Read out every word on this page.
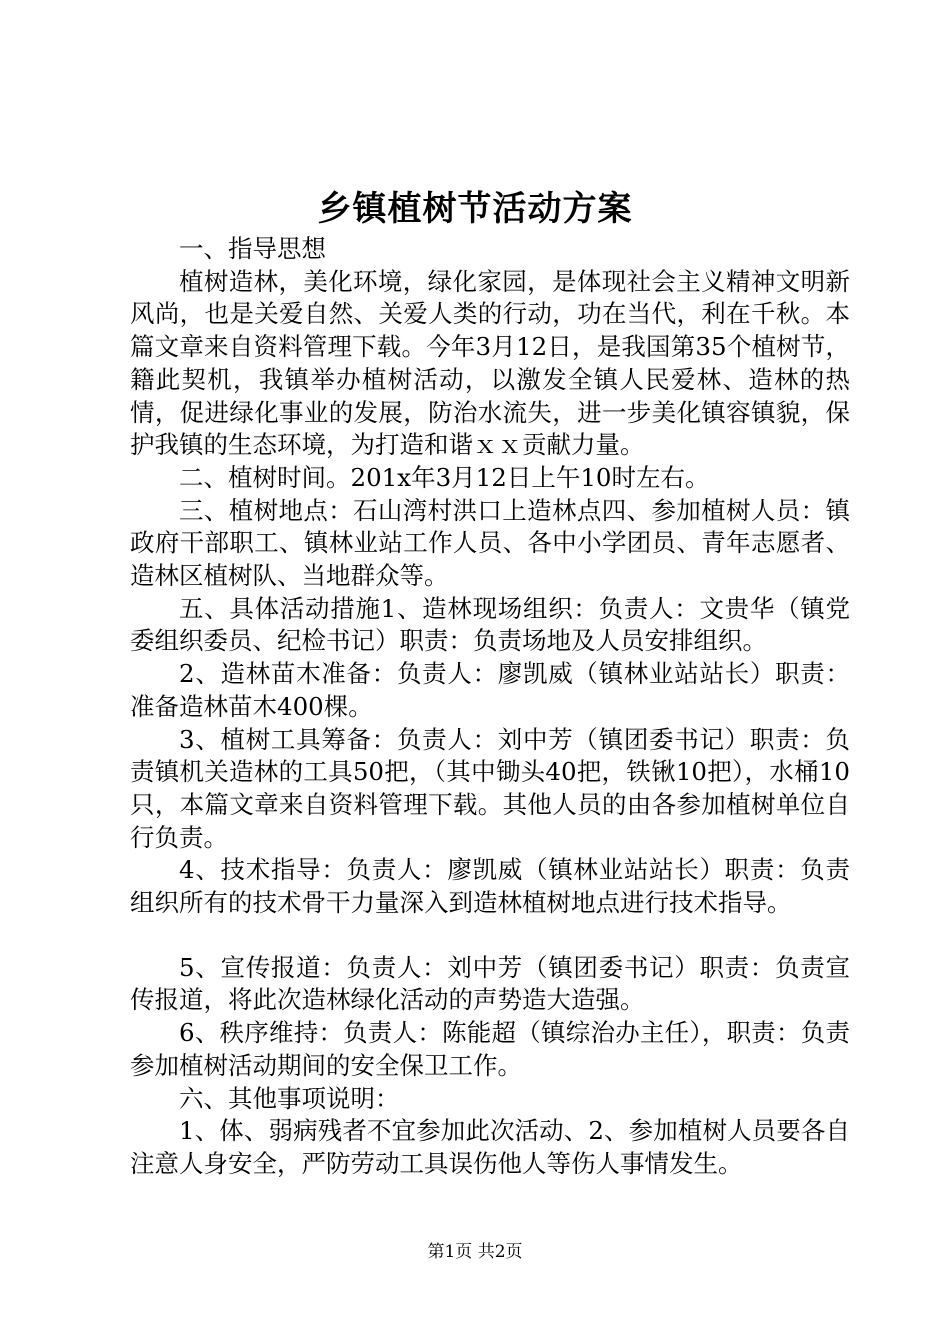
乡镇植树节活动方案

一、指导思想

植树造林，美化环境，绿化家园，是体现社会主义精神文明新风尚，也是关爱自然、关爱人类的行动，功在当代，利在千秋。本篇文章来自资料管理下载。今年3月12日，是我国第35个植树节，籍此契机，我镇举办植树活动，以激发全镇人民爱林、造林的热情，促进绿化事业的发展，防治水流失，进一步美化镇容镇貌，保护我镇的生态环境，为打造和谐ｘｘ贡献力量。

二、植树时间。201x年3月12日上午10时左右。

三、植树地点：石山湾村洪口上造林点四、参加植树人员：镇政府干部职工、镇林业站工作人员、各中小学团员、青年志愿者、造林区植树队、当地群众等。

五、具体活动措施1、造林现场组织：负责人：文贵华（镇党委组织委员、纪检书记）职责：负责场地及人员安排组织。

2、造林苗木准备：负责人：廖凯威（镇林业站站长）职责：准备造林苗木400棵。

3、植树工具筹备：负责人：刘中芳（镇团委书记）职责：负责镇机关造林的工具50把，（其中锄头40把，铁锹10把），水桶10只，本篇文章来自资料管理下载。其他人员的由各参加植树单位自行负责。

4、技术指导：负责人：廖凯威（镇林业站站长）职责：负责组织所有的技术骨干力量深入到造林植树地点进行技术指导。

5、宣传报道：负责人：刘中芳（镇团委书记）职责：负责宣传报道，将此次造林绿化活动的声势造大造强。

6、秩序维持：负责人：陈能超（镇综治办主任），职责：负责参加植树活动期间的安全保卫工作。

六、其他事项说明：

1、体、弱病残者不宜参加此次活动、2、参加植树人员要各自注意人身安全，严防劳动工具误伤他人等伤人事情发生。

第1页 共2页
